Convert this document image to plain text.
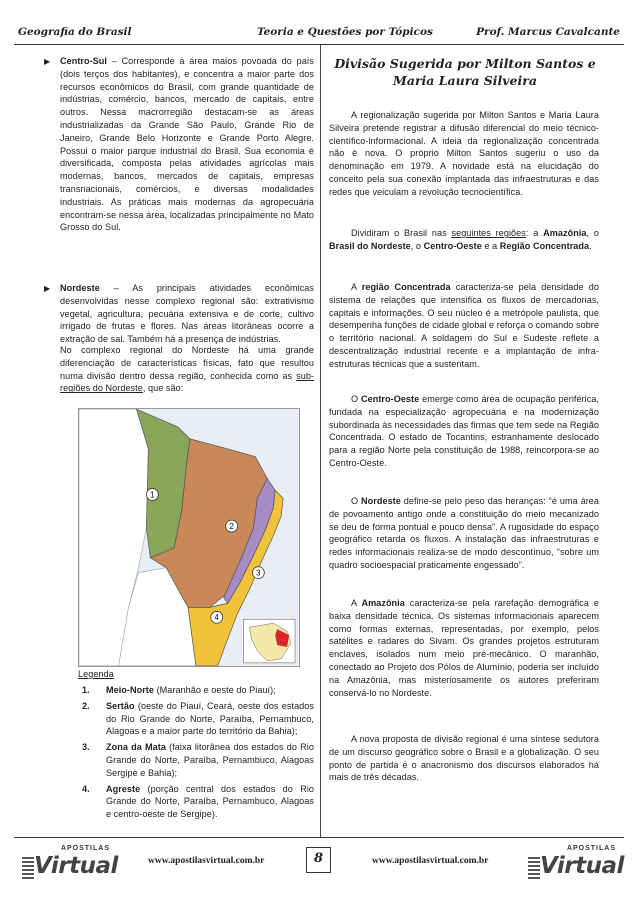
Geografia do Brasil	Teoria e Questões por Tópicos	Prof. Marcus Cavalcante
▶ Centro-Sul – Corresponde à área maios povoada do país (dois terços dos habitantes), e concentra a maior parte dos recursos econômicos do Brasil, com grande quantidade de indústrias, comércio, bancos, mercado de capitais, entre outros. Nessa macrorregião destacam-se as áreas industrializadas da Grande São Paulo, Grande Rio de Janeiro, Grande Belo Horizonte e Grande Porto Alegre. Possui o maior parque industrial do Brasil. Sua economia é diversificada, composta pelas atividades agrícolas mais modernas, bancos, mercados de capitais, empresas transnacionais, comércios, e diversas modalidades industriais. As práticas mais modernas da agropecuária encontram-se nessa área, localizadas principalmente no Mato Grosso do Sul.
▶ Nordeste – As principais atividades econômicas desenvolvidas nesse complexo regional são: extrativismo vegetal, agricultura, pecuária extensiva e de corte, cultivo irrigado de frutas e flores. Nas áreas litorâneas ocorre a extração de sal. Também há a presença de indústrias.
No complexo regional do Nordeste há uma grande diferenciação de características físicas, fato que resultou numa divisão dentro dessa região, conhecida como as sub-regiões do Nordeste, que são:
1
2
3
4
Legenda
1. Meio-Norte (Maranhão e oeste do Piauí);
2. Sertão (oeste do Piauí, Ceará, oeste dos estados do Rio Grande do Norte, Paraíba, Pernambuco, Alagoas e a maior parte do território da Bahia);
3. Zona da Mata (faixa litorânea dos estados do Rio Grande do Norte, Paraíba, Pernambuco, Alagoas Sergipe e Bahia);
4. Agreste (porção central dos estados do Rio Grande do Norte, Paraíba, Pernambuco, Alagoas e centro-oeste de Sergipe).
Divisão Sugerida por Milton Santos e Maria Laura Silveira
A regionalização sugerida por Milton Santos e Maria Laura Silveira pretende registrar a difusão diferencial do meio técnico-científico-informacional. A ideia da regionalização concentrada não é nova. O próprio Milton Santos sugeriu o uso da denominação em 1979. A novidade está na elucidação do conceito pela sua conexão implantada das infraestruturas e das redes que veiculam a revolução tecnocientífica.
Dividiram o Brasil nas seguintes regiões: a Amazônia, o Brasil do Nordeste, o Centro-Oeste e a Região Concentrada.
A região Concentrada caracteriza-se pela densidade do sistema de relações que intensifica os fluxos de mercadorias, capitais e informações. O seu núcleo é a metrópole paulista, que desempenha funções de cidade global e reforça o comando sobre o território nacional. A soldagem do Sul e Sudeste reflete a descentralização industrial recente e a implantação de infra-estruturas técnicas que a sustentam.
O Centro-Oeste emerge como área de ocupação periférica, fundada na especialização agropecuária e na modernização subordinada às necessidades das firmas que tem sede na Região Concentrada. O estado de Tocantins, estranhamente deslocado para a região Norte pela constituição de 1988, reincorpora-se ao Centro-Oeste.
O Nordeste define-se pelo peso das heranças: “é uma área de povoamento antigo onde a constituição do meio mecanizado se deu de forma pontual e pouco densa”. A rugosidade do espaço geográfico retarda os fluxos. A instalação das infraestruturas e redes informacionais realiza-se de modo descontínuo, “sobre um quadro socioespacial praticamente engessado”.
A Amazônia caracteriza-se pela rarefação demográfica e baixa densidade técnica. Os sistemas informacionais aparecem como formas externas, representadas, por exemplo, pelos satélites e radares do Sivam. Os grandes projetos estruturam enclaves, isolados num meio pré-mecânico. O maranhão, conectado ao Projeto dos Pólos de Alumínio, poderia ser incluído na Amazônia, mas misteriosamente os autores preferiram conservá-lo no Nordeste.
A nova proposta de divisão regional é uma síntese sedutora de um discurso geográfico sobre o Brasil e a globalização. O seu ponto de partida é o anacronismo dos discursos elaborados há mais de três décadas.
APOSTILAS
Virtual	www.apostilasvirtual.com.br	8	www.apostilasvirtual.com.br
APOSTILAS
Virtual
